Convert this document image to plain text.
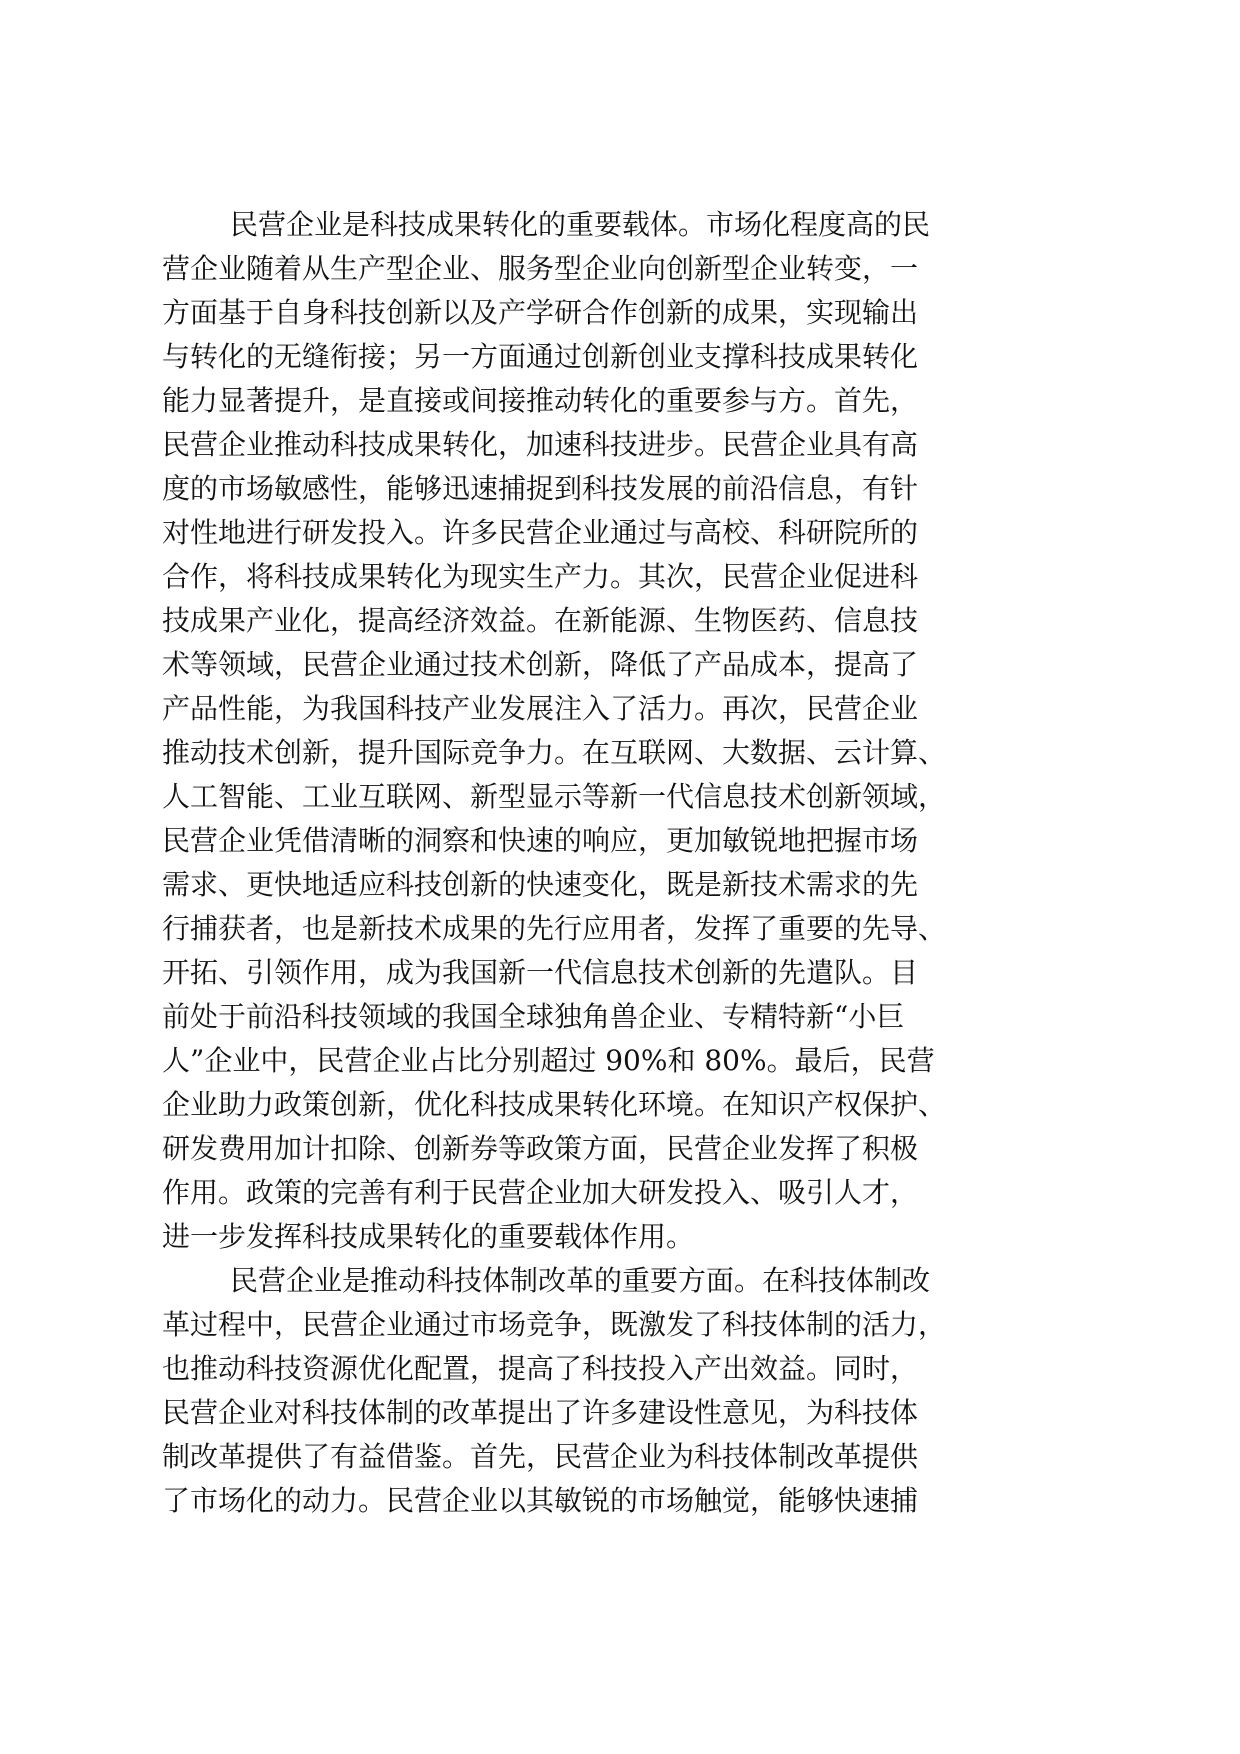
民营企业是科技成果转化的重要载体。市场化程度高的民
营企业随着从生产型企业、服务型企业向创新型企业转变，一
方面基于自身科技创新以及产学研合作创新的成果，实现输出
与转化的无缝衔接；另一方面通过创新创业支撑科技成果转化
能力显著提升，是直接或间接推动转化的重要参与方。首先，
民营企业推动科技成果转化，加速科技进步。民营企业具有高
度的市场敏感性，能够迅速捕捉到科技发展的前沿信息，有针
对性地进行研发投入。许多民营企业通过与高校、科研院所的
合作，将科技成果转化为现实生产力。其次，民营企业促进科
技成果产业化，提高经济效益。在新能源、生物医药、信息技
术等领域，民营企业通过技术创新，降低了产品成本，提高了
产品性能，为我国科技产业发展注入了活力。再次，民营企业
推动技术创新，提升国际竞争力。在互联网、大数据、云计算、
人工智能、工业互联网、新型显示等新一代信息技术创新领域，
民营企业凭借清晰的洞察和快速的响应，更加敏锐地把握市场
需求、更快地适应科技创新的快速变化，既是新技术需求的先
行捕获者，也是新技术成果的先行应用者，发挥了重要的先导、
开拓、引领作用，成为我国新一代信息技术创新的先遣队。目
前处于前沿科技领域的我国全球独角兽企业、专精特新“小巨
人”企业中，民营企业占比分别超过 90%和 80%。最后，民营
企业助力政策创新，优化科技成果转化环境。在知识产权保护、
研发费用加计扣除、创新券等政策方面，民营企业发挥了积极
作用。政策的完善有利于民营企业加大研发投入、吸引人才，
进一步发挥科技成果转化的重要载体作用。
民营企业是推动科技体制改革的重要方面。在科技体制改
革过程中，民营企业通过市场竞争，既激发了科技体制的活力，
也推动科技资源优化配置，提高了科技投入产出效益。同时，
民营企业对科技体制的改革提出了许多建设性意见，为科技体
制改革提供了有益借鉴。首先，民营企业为科技体制改革提供
了市场化的动力。民营企业以其敏锐的市场触觉，能够快速捕
